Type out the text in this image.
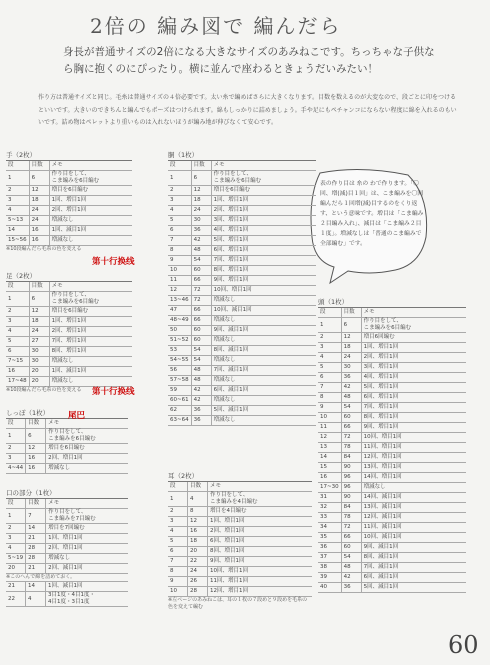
2倍の 編み図で 編んだら
身長が普通サイズの2倍になる大きなサイズのあみねこです。ちっちゃな子供なら胸に抱くのにぴったり。横に並んで座わるときょうだいみたい！
作り方は普通サイズと同じ。毛糸は普通サイズの４倍必要です。太い糸で編めばさらに大きくなります。目数を数えるのが大変なので、段ごとに印をつけるといいです。大きいのできちんと編んでもポーズはつけられます。綿もしっかりに詰めましょう。手や足にもペチャンコにならない程度に綿を入れるのもいいです。詰め物はペレットより重いものは入れないほうが編み地が伸びなくて安心です。
表の作り目は 糸の わで作ります。「〇回、増(減)目１回」は、こま編みを〇回編んだら１回増(減)目するのをくり返す、という意味です。増目は「こま編み２目編み入れ」、減目は「こま編み２目１度」。増減なしは「普通のこま編みで全部編む」です。
手（2枚）
段	目数	メモ
1	6	作り目をして、
こま編みを6目編む
2	12	増目を6目編む
3	18	1回、増目1回
4	24	2回、増目1回
5~13	24	増減なし
14	16	1回、減目1回
15~56	16	増減なし
※10段編んだら毛糸の色を変える
足（2枚）
段	目数	メモ
1	6	作り目をして、
こま編みを6目編む
2	12	増目を6目編む
3	18	1回、増目1回
4	24	2回、増目1回
5	27	7回、増目1回
6	30	8回、増目1回
7~15	30	増減なし
16	20	1回、減目1回
17~48	20	増減なし
※10段編んだら毛糸の色を変える
しっぽ（1枚）
段	目数	メモ
1	6	作り目をして、
こま編みを6目編む
2	12	増目を6目編む
3	16	2回、増目1回
4~44	16	増減なし
口の部分（1枚）
段	目数	メモ
1	7	作り目をして、
こま編みを7目編む
2	14	増目を7回編む
3	21	1回、増目1回
4	28	2回、増目1回
5~19	28	増減なし
20	21	2回、減目1回
※このへんで綿を詰めておく。
21	14	1回、減目1回
22	4	3目1度・4目1度・
4目1度・3目1度
胴（1枚）
段	目数	メモ
1	6	作り目をして、
こま編みを6目編む
2	12	増目を6目編む
3	18	1回、増目1回
4	24	2回、増目1回
5	30	3回、増目1回
6	36	4回、増目1回
7	42	5回、増目1回
8	48	6回、増目1回
9	54	7回、増目1回
10	60	8回、増目1回
11	66	9回、増目1回
12	72	10回、増目1回
13~46	72	増減なし
47	66	10回、減目1回
48~49	66	増減なし
50	60	9回、減目1回
51~52	60	増減なし
53	54	8回、減目1回
54~55	54	増減なし
56	48	7回、減目1回
57~58	48	増減なし
59	42	6回、減目1回
60~61	42	増減なし
62	36	5回、減目1回
63~64	36	増減なし
耳（2枚）
段	目数	メモ
1	4	作り目をして、
こま編みを4目編む
2	8	増目を4目編む
3	12	1回、増目1回
4	16	2回、増目1回
5	18	6回、増目1回
6	20	8回、増目1回
7	22	9回、増目1回
8	24	10回、増目1回
9	26	11回、増目1回
10	28	12回、増目1回
※左ページのあみねこは、耳の１枚の７段めと９段めを毛糸の色を変えて編む
頭（1枚）
段	目数	メモ
1	6	作り目をして、
こま編みを6目編む
2	12	増目6回編む
3	18	1回、増目1回
4	24	2回、増目1回
5	30	3回、増目1回
6	36	4回、増目1回
7	42	5回、増目1回
8	48	6回、増目1回
9	54	7回、増目1回
10	60	8回、増目1回
11	66	9回、増目1回
12	72	10回、増目1回
13	78	11回、増目1回
14	84	12回、増目1回
15	90	13回、増目1回
16	96	14回、増目1回
17~30	96	増減なし
31	90	14回、減目1回
32	84	13回、減目1回
33	78	12回、減目1回
34	72	11回、減目1回
35	66	10回、減目1回
36	60	9回、減目1回
37	54	8回、減目1回
38	48	7回、減目1回
39	42	6回、減目1回
40	36	5回、減目1回
第十行换线
第十行换线
尾巴
60
